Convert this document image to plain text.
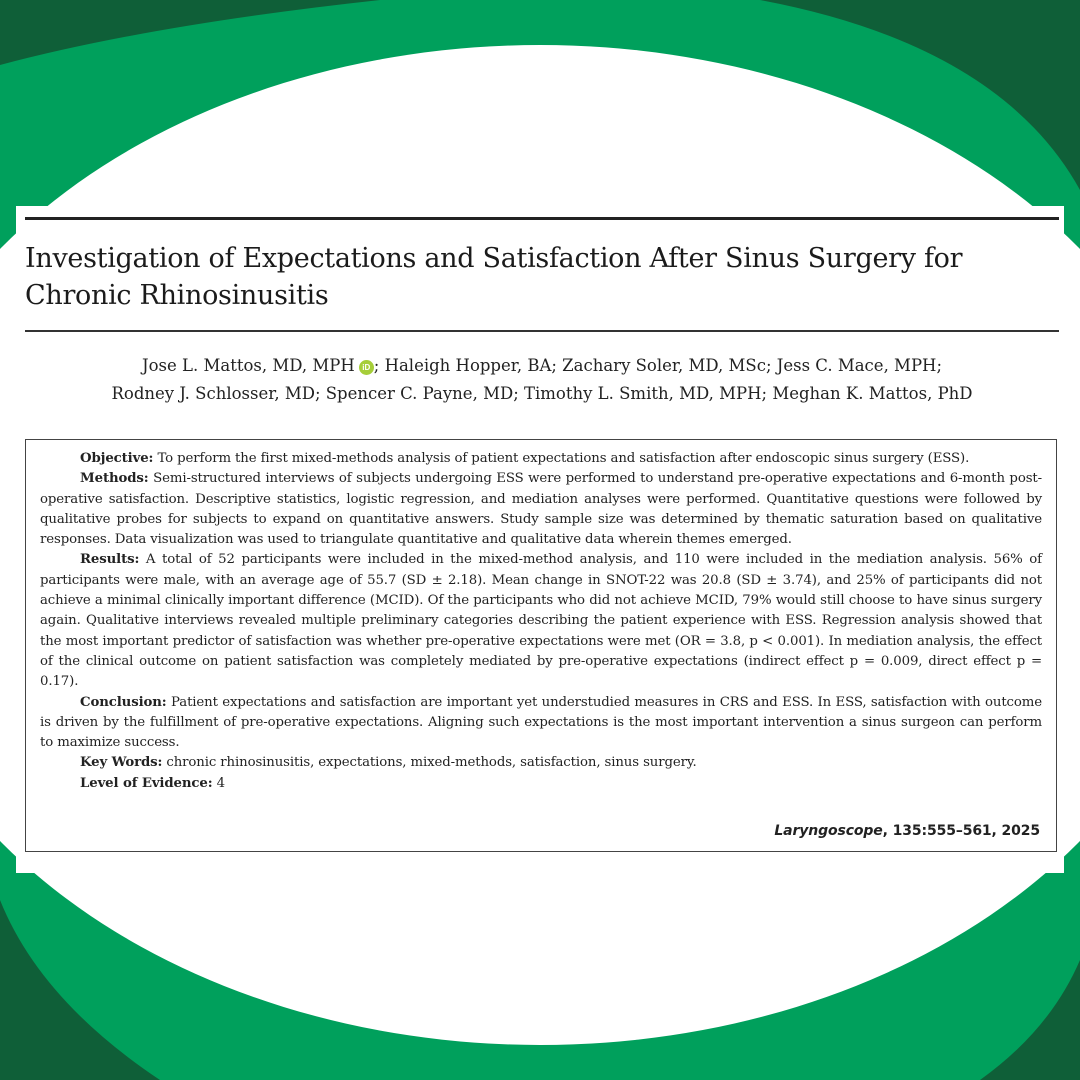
Investigation of Expectations and Satisfaction After Sinus Surgery for Chronic Rhinosinusitis
Jose L. Mattos, MD, MPH iD ; Haleigh Hopper, BA; Zachary Soler, MD, MSc; Jess C. Mace, MPH;
Rodney J. Schlosser, MD; Spencer C. Payne, MD; Timothy L. Smith, MD, MPH; Meghan K. Mattos, PhD

Objective: To perform the first mixed-methods analysis of patient expectations and satisfaction after endoscopic sinus surgery (ESS).

Methods: Semi-structured interviews of subjects undergoing ESS were performed to understand pre-operative expectations and 6-month post-operative satisfaction. Descriptive statistics, logistic regression, and mediation analyses were performed. Quantitative questions were followed by qualitative probes for subjects to expand on quantitative answers. Study sample size was determined by thematic saturation based on qualitative responses. Data visualization was used to triangulate quantitative and qualitative data wherein themes emerged.

Results: A total of 52 participants were included in the mixed-method analysis, and 110 were included in the mediation analysis. 56% of participants were male, with an average age of 55.7 (SD ± 2.18). Mean change in SNOT-22 was 20.8 (SD ± 3.74), and 25% of participants did not achieve a minimal clinically important difference (MCID). Of the participants who did not achieve MCID, 79% would still choose to have sinus surgery again. Qualitative interviews revealed multiple preliminary categories describing the patient experience with ESS. Regression analysis showed that the most important predictor of satisfaction was whether pre-operative expectations were met (OR = 3.8, p < 0.001). In mediation analysis, the effect of the clinical outcome on patient satisfaction was completely mediated by pre-operative expectations (indirect effect p = 0.009, direct effect p = 0.17).

Conclusion: Patient expectations and satisfaction are important yet understudied measures in CRS and ESS. In ESS, satisfaction with outcome is driven by the fulfillment of pre-operative expectations. Aligning such expectations is the most important intervention a sinus surgeon can perform to maximize success.

Key Words: chronic rhinosinusitis, expectations, mixed-methods, satisfaction, sinus surgery.

Level of Evidence: 4

Laryngoscope, 135:555–561, 2025
